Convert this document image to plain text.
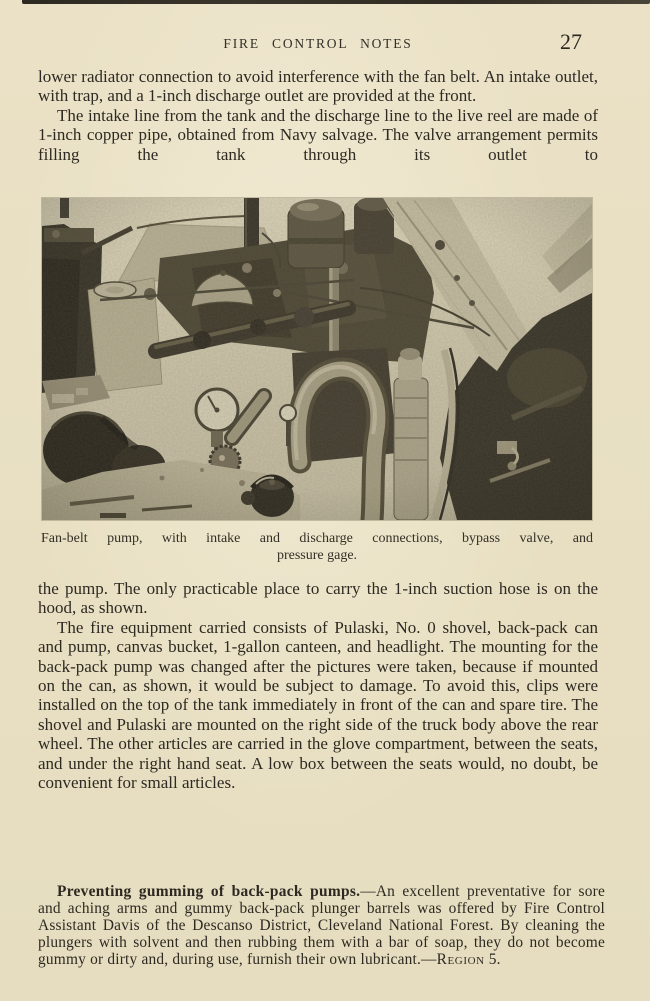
FIRE CONTROL NOTES	27

lower radiator connection to avoid interference with the fan belt. An intake outlet, with trap, and a 1-inch discharge outlet are provided at the front.

The intake line from the tank and the discharge line to the live reel are made of 1-inch copper pipe, obtained from Navy salvage. The valve arrangement permits filling the tank through its outlet to

Fan-belt pump, with intake and discharge connections, bypass valve, and
pressure gage.

the pump. The only practicable place to carry the 1-inch suction hose is on the hood, as shown.

The fire equipment carried consists of Pulaski, No. 0 shovel, back-pack can and pump, canvas bucket, 1-gallon canteen, and headlight. The mounting for the back-pack pump was changed after the pictures were taken, because if mounted on the can, as shown, it would be subject to damage. To avoid this, clips were installed on the top of the tank immediately in front of the can and spare tire. The shovel and Pulaski are mounted on the right side of the truck body above the rear wheel. The other articles are carried in the glove compartment, between the seats, and under the right hand seat. A low box between the seats would, no doubt, be convenient for small articles.

Preventing gumming of back-pack pumps.—An excellent preventative for sore and aching arms and gummy back-pack plunger barrels was offered by Fire Control Assistant Davis of the Descanso District, Cleveland National Forest. By cleaning the plungers with solvent and then rubbing them with a bar of soap, they do not become gummy or dirty and, during use, furnish their own lubricant.—Region 5.
